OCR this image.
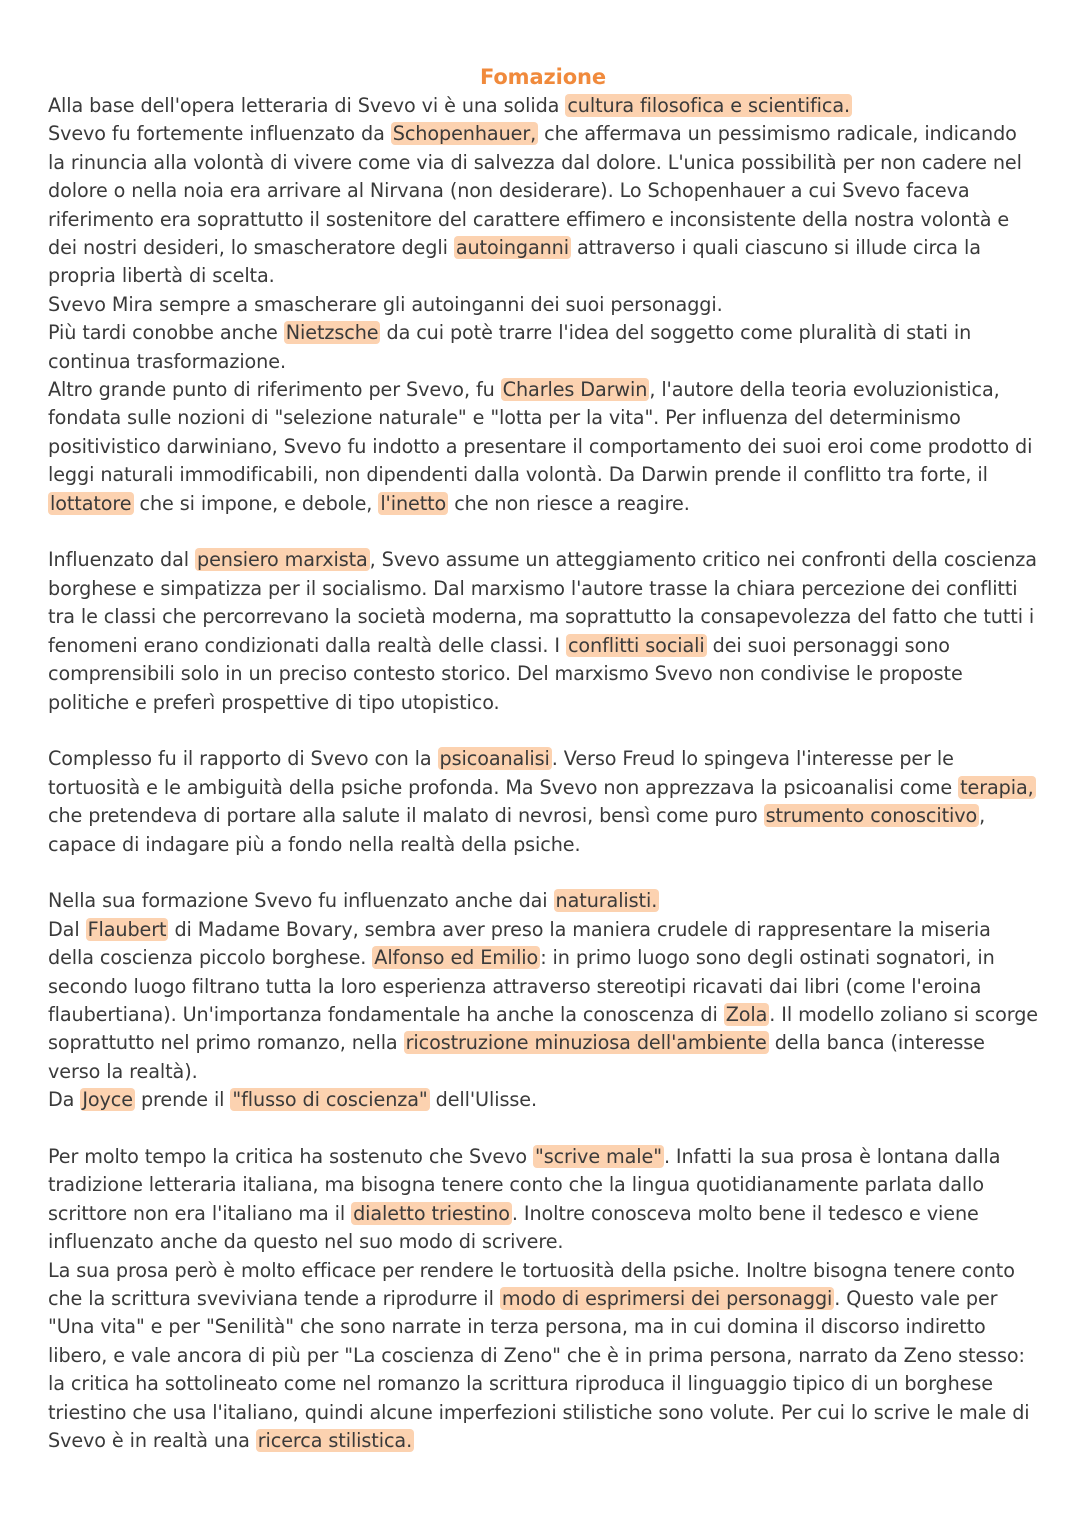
Fomazione

Alla base dell'opera letteraria di Svevo vi è una solida cultura filosofica e scientifica.

Svevo fu fortemente influenzato da Schopenhauer, che affermava un pessimismo radicale, indicando la rinuncia alla volontà di vivere come via di salvezza dal dolore. L'unica possibilità per non cadere nel dolore o nella noia era arrivare al Nirvana (non desiderare). Lo Schopenhauer a cui Svevo faceva riferimento era soprattutto il sostenitore del carattere effimero e inconsistente della nostra volontà e dei nostri desideri, lo smascheratore degli autoinganni attraverso i quali ciascuno si illude circa la propria libertà di scelta.

Svevo Mira sempre a smascherare gli autoinganni dei suoi personaggi.

Più tardi conobbe anche Nietzsche da cui potè trarre l'idea del soggetto come pluralità di stati in continua trasformazione.

Altro grande punto di riferimento per Svevo, fu Charles Darwin , l'autore della teoria evoluzionistica, fondata sulle nozioni di "selezione naturale" e "lotta per la vita". Per influenza del determinismo positivistico darwiniano, Svevo fu indotto a presentare il comportamento dei suoi eroi come prodotto di leggi naturali immodificabili, non dipendenti dalla volontà. Da Darwin prende il conflitto tra forte, il lottatore che si impone, e debole, l'inetto che non riesce a reagire.

Influenzato dal pensiero marxista , Svevo assume un atteggiamento critico nei confronti della coscienza borghese e simpatizza per il socialismo. Dal marxismo l'autore trasse la chiara percezione dei conflitti tra le classi che percorrevano la società moderna, ma soprattutto la consapevolezza del fatto che tutti i fenomeni erano condizionati dalla realtà delle classi. I conflitti sociali dei suoi personaggi sono comprensibili solo in un preciso contesto storico. Del marxismo Svevo non condivise le proposte politiche e preferì prospettive di tipo utopistico.

Complesso fu il rapporto di Svevo con la psicoanalisi . Verso Freud lo spingeva l'interesse per le tortuosità e le ambiguità della psiche profonda. Ma Svevo non apprezzava la psicoanalisi come terapia, che pretendeva di portare alla salute il malato di nevrosi, bensì come puro strumento conoscitivo , capace di indagare più a fondo nella realtà della psiche.

Nella sua formazione Svevo fu influenzato anche dai naturalisti.

Dal Flaubert di Madame Bovary, sembra aver preso la maniera crudele di rappresentare la miseria della coscienza piccolo borghese. Alfonso ed Emilio : in primo luogo sono degli ostinati sognatori, in secondo luogo filtrano tutta la loro esperienza attraverso stereotipi ricavati dai libri (come l'eroina flaubertiana). Un'importanza fondamentale ha anche la conoscenza di Zola . Il modello zoliano si scorge soprattutto nel primo romanzo, nella ricostruzione minuziosa dell'ambiente della banca (interesse verso la realtà).

Da Joyce prende il "flusso di coscienza" dell'Ulisse.

Per molto tempo la critica ha sostenuto che Svevo "scrive male" . Infatti la sua prosa è lontana dalla tradizione letteraria italiana, ma bisogna tenere conto che la lingua quotidianamente parlata dallo scrittore non era l'italiano ma il dialetto triestino . Inoltre conosceva molto bene il tedesco e viene influenzato anche da questo nel suo modo di scrivere.

La sua prosa però è molto efficace per rendere le tortuosità della psiche. Inoltre bisogna tenere conto che la scrittura sveviviana tende a riprodurre il modo di esprimersi dei personaggi . Questo vale per "Una vita" e per "Senilità" che sono narrate in terza persona, ma in cui domina il discorso indiretto libero, e vale ancora di più per "La coscienza di Zeno" che è in prima persona, narrato da Zeno stesso: la critica ha sottolineato come nel romanzo la scrittura riproduca il linguaggio tipico di un borghese triestino che usa l'italiano, quindi alcune imperfezioni stilistiche sono volute. Per cui lo scrive le male di Svevo è in realtà una ricerca stilistica.
